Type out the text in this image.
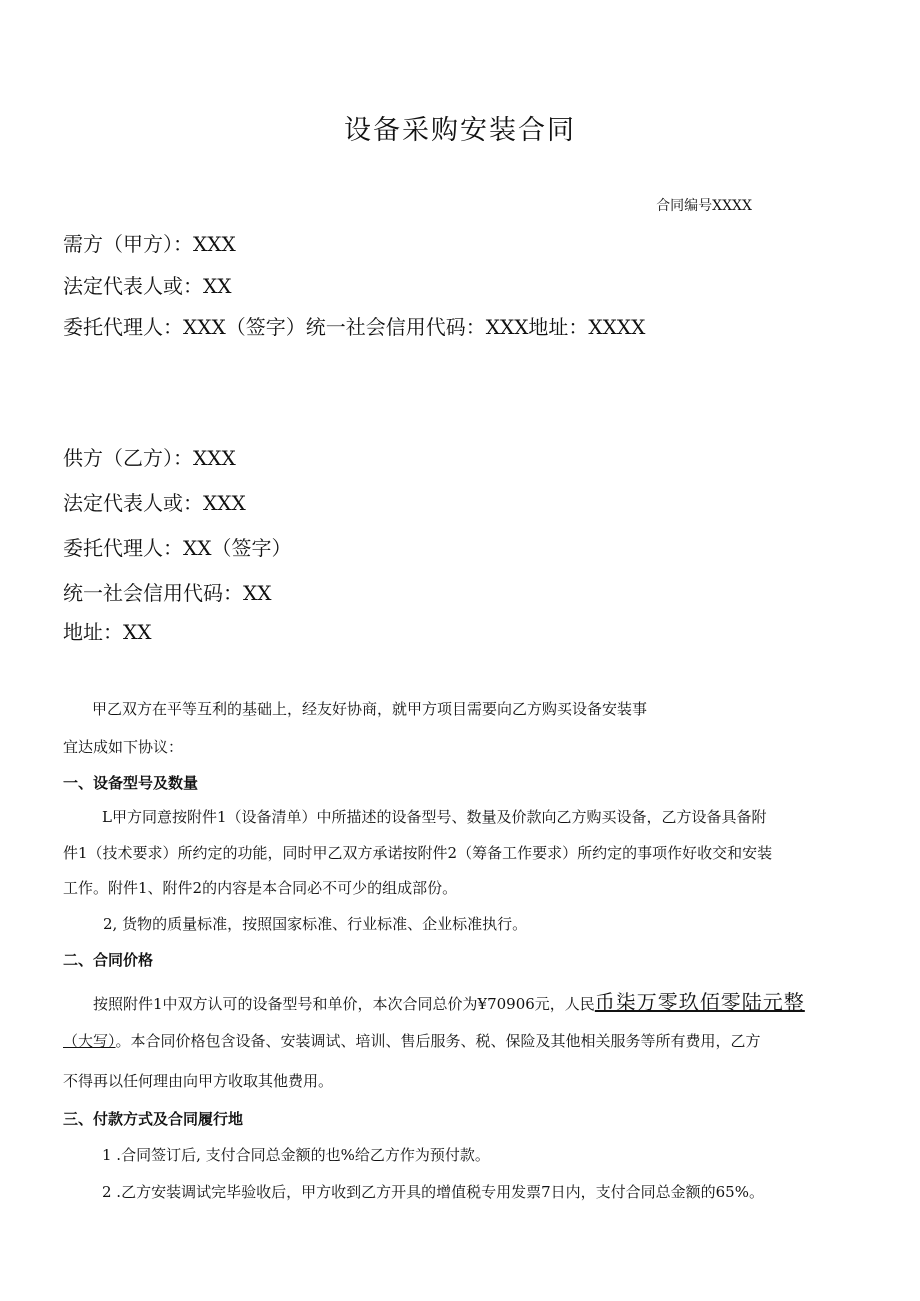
设备采购安装合同
合同编号XXXX
需方（甲方）：XXX
法定代表人或：XX
委托代理人：XXX（签字）统一社会信用代码：XXX地址：XXXX
供方（乙方）：XXX
法定代表人或：XXX
委托代理人：XX（签字）
统一社会信用代码：XX
地址：XX
甲乙双方在平等互利的基础上，经友好协商，就甲方项目需要向乙方购买设备安装事
宜达成如下协议：
一、设备型号及数量
L甲方同意按附件1（设备清单）中所描述的设备型号、数量及价款向乙方购买设备，乙方设备具备附
件1（技术要求）所约定的功能，同时甲乙双方承诺按附件2（筹备工作要求）所约定的事项作好收交和安装
工作。附件1、附件2的内容是本合同必不可少的组成部份。
2, 货物的质量标准，按照国家标准、行业标准、企业标准执行。
二、合同价格
按照附件1中双方认可的设备型号和单价，本次合同总价为¥70906元，人民币柒万零玖佰零陆元整
（大写）。本合同价格包含设备、安装调试、培训、售后服务、税、保险及其他相关服务等所有费用，乙方
不得再以任何理由向甲方收取其他费用。
三、付款方式及合同履行地
1 .合同签订后, 支付合同总金额的也%给乙方作为预付款。
2 .乙方安装调试完毕验收后，甲方收到乙方开具的增值税专用发票7日内，支付合同总金额的65%。
